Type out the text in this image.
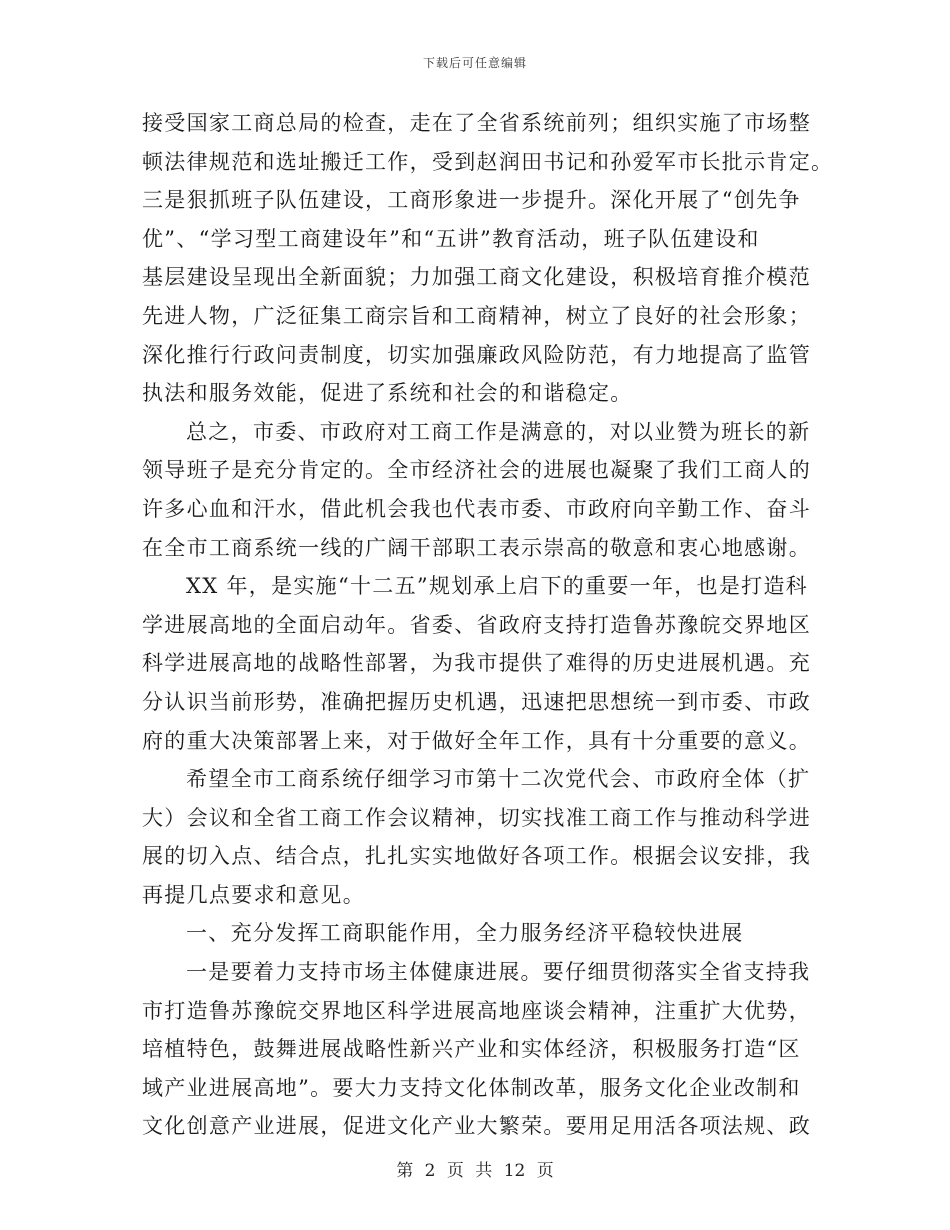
下载后可任意编辑
接受国家工商总局的检查，走在了全省系统前列；组织实施了市场整
顿法律规范和选址搬迁工作，受到赵润田书记和孙爱军市长批示肯定。
三是狠抓班子队伍建设，工商形象进一步提升。深化开展了“创先争
优”、“学习型工商建设年”和“五讲”教育活动，班子队伍建设和
基层建设呈现出全新面貌；力加强工商文化建设，积极培育推介模范
先进人物，广泛征集工商宗旨和工商精神，树立了良好的社会形象；
深化推行行政问责制度，切实加强廉政风险防范，有力地提高了监管
执法和服务效能，促进了系统和社会的和谐稳定。
总之，市委、市政府对工商工作是满意的，对以业赞为班长的新
领导班子是充分肯定的。全市经济社会的进展也凝聚了我们工商人的
许多心血和汗水，借此机会我也代表市委、市政府向辛勤工作、奋斗
在全市工商系统一线的广阔干部职工表示崇高的敬意和衷心地感谢。
XX 年，是实施“十二五”规划承上启下的重要一年，也是打造科
学进展高地的全面启动年。省委、省政府支持打造鲁苏豫皖交界地区
科学进展高地的战略性部署，为我市提供了难得的历史进展机遇。充
分认识当前形势，准确把握历史机遇，迅速把思想统一到市委、市政
府的重大决策部署上来，对于做好全年工作，具有十分重要的意义。
希望全市工商系统仔细学习市第十二次党代会、市政府全体（扩
大）会议和全省工商工作会议精神，切实找准工商工作与推动科学进
展的切入点、结合点，扎扎实实地做好各项工作。根据会议安排，我
再提几点要求和意见。
一、充分发挥工商职能作用，全力服务经济平稳较快进展
一是要着力支持市场主体健康进展。要仔细贯彻落实全省支持我
市打造鲁苏豫皖交界地区科学进展高地座谈会精神，注重扩大优势，
培植特色，鼓舞进展战略性新兴产业和实体经济，积极服务打造“区
域产业进展高地”。要大力支持文化体制改革，服务文化企业改制和
文化创意产业进展，促进文化产业大繁荣。要用足用活各项法规、政
第 2 页 共 12 页
